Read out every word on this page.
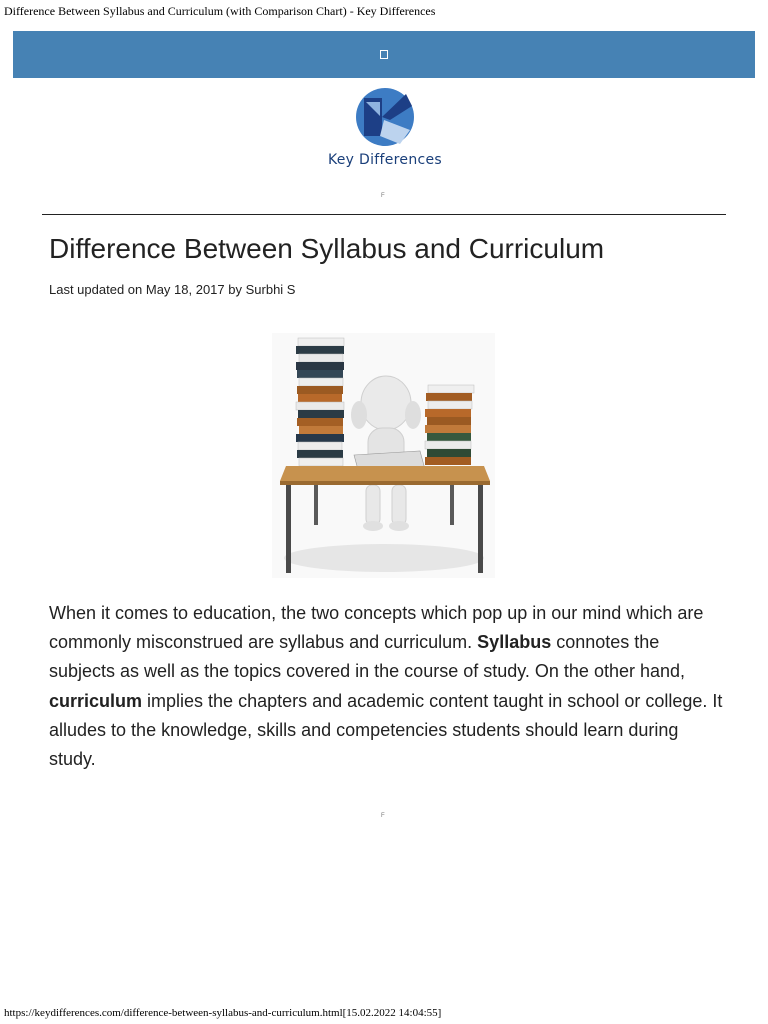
Difference Between Syllabus and Curriculum (with Comparison Chart) - Key Differences
Key Differences
F
Difference Between Syllabus and Curriculum
Last updated on May 18, 2017 by Surbhi S

When it comes to education, the two concepts which pop up in our mind which are commonly misconstrued are syllabus and curriculum. Syllabus connotes the subjects as well as the topics covered in the course of study. On the other hand, curriculum implies the chapters and academic content taught in school or college. It alludes to the knowledge, skills and competencies students should learn during study.

F
https://keydifferences.com/difference-between-syllabus-and-curriculum.html[15.02.2022 14:04:55]
